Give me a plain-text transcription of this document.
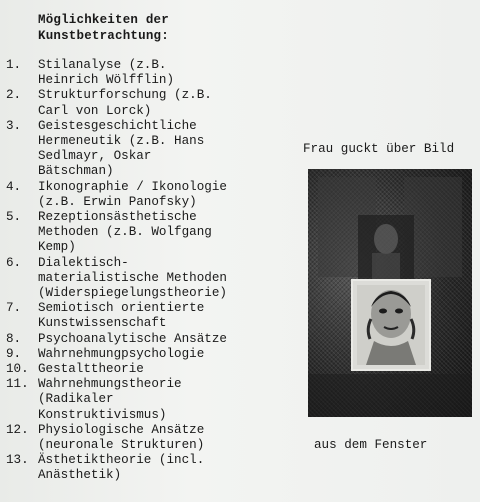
Möglichkeiten der
Kunstbetrachtung:
1.	Stilanalyse (z.B.
Heinrich Wölfflin)
2.	Strukturforschung (z.B.
Carl von Lorck)
3.	Geistesgeschichtliche
Hermeneutik (z.B. Hans
Sedlmayr, Oskar
Bätschman)
4.	Ikonographie / Ikonologie
(z.B. Erwin Panofsky)
5.	Rezeptionsästhetische
Methoden (z.B. Wolfgang
Kemp)
6.	Dialektisch-
materialistische Methoden
(Widerspiegelungstheorie)
7.	Semiotisch orientierte
Kunstwissenschaft
8.	Psychoanalytische Ansätze
9.	Wahrnehmungpsychologie
10. Gestalttheorie
11. Wahrnehmungstheorie
(Radikaler
Konstruktivismus)
12. Physiologische Ansätze
(neuronale Strukturen)
13. Ästhetiktheorie (incl.
Anästhetik)
Frau guckt über Bild
aus dem Fenster
